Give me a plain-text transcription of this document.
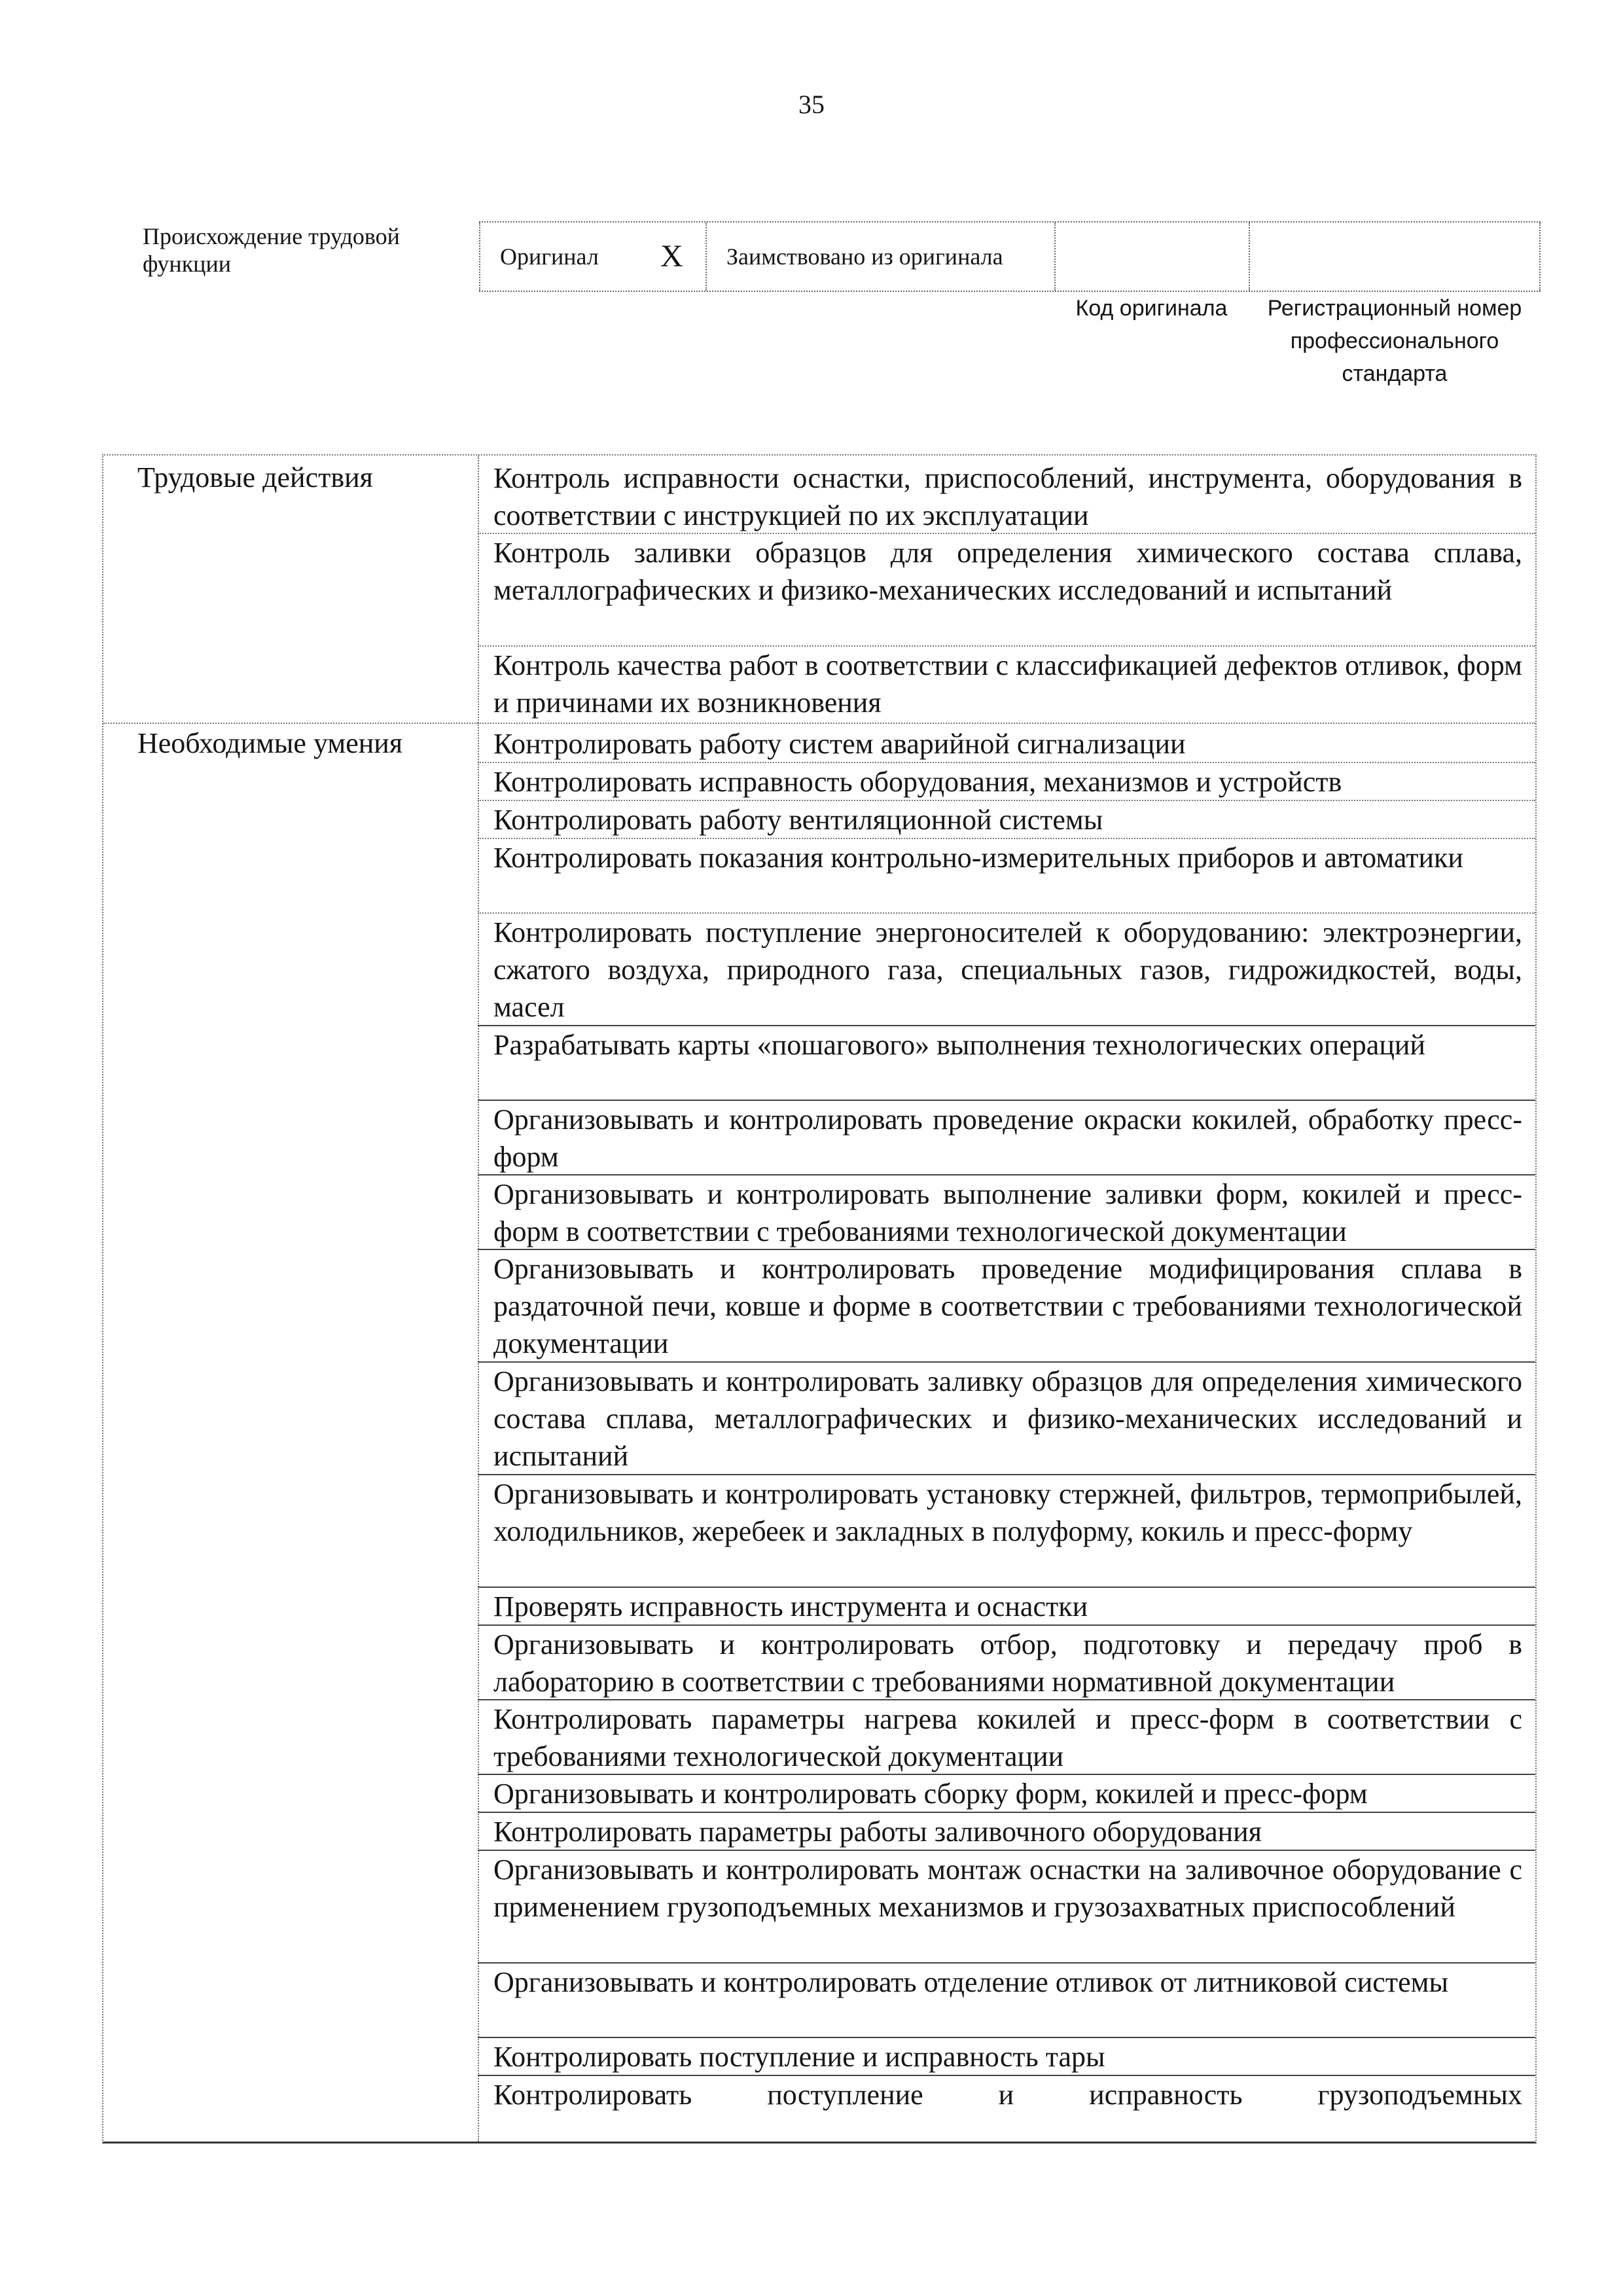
35
Происхождение трудовой функции	Оригинал X	Заимствовано из оригинала
Код оригинала	Регистрационный номер профессионального стандарта
Трудовые действия	Контроль исправности оснастки, приспособлений, инструмента, оборудования в соответствии с инструкцией по их эксплуатации
Контроль заливки образцов для определения химического состава сплава, металлографических и физико-механических исследований и испытаний
Контроль качества работ в соответствии с классификацией дефектов отливок, форм и причинами их возникновения
Необходимые умения	Контролировать работу систем аварийной сигнализации
Контролировать исправность оборудования, механизмов и устройств
Контролировать работу вентиляционной системы
Контролировать показания контрольно-измерительных приборов и автоматики
Контролировать поступление энергоносителей к оборудованию: электроэнергии, сжатого воздуха, природного газа, специальных газов, гидрожидкостей, воды, масел
Разрабатывать карты «пошагового» выполнения технологических операций
Организовывать и контролировать проведение окраски кокилей, обработку пресс-форм
Организовывать и контролировать выполнение заливки форм, кокилей и пресс-форм в соответствии с требованиями технологической документации
Организовывать и контролировать проведение модифицирования сплава в раздаточной печи, ковше и форме в соответствии с требованиями технологической документации
Организовывать и контролировать заливку образцов для определения химического состава сплава, металлографических и физико-механических исследований и испытаний
Организовывать и контролировать установку стержней, фильтров, термоприбылей, холодильников, жеребеек и закладных в полуформу, кокиль и пресс-форму
Проверять исправность инструмента и оснастки
Организовывать и контролировать отбор, подготовку и передачу проб в лабораторию в соответствии с требованиями нормативной документации
Контролировать параметры нагрева кокилей и пресс-форм в соответствии с требованиями технологической документации
Организовывать и контролировать сборку форм, кокилей и пресс-форм
Контролировать параметры работы заливочного оборудования
Организовывать и контролировать монтаж оснастки на заливочное оборудование с применением грузоподъемных механизмов и грузозахватных приспособлений
Организовывать и контролировать отделение отливок от литниковой системы
Контролировать поступление и исправность тары
Контролировать поступление и исправность грузоподъемных
